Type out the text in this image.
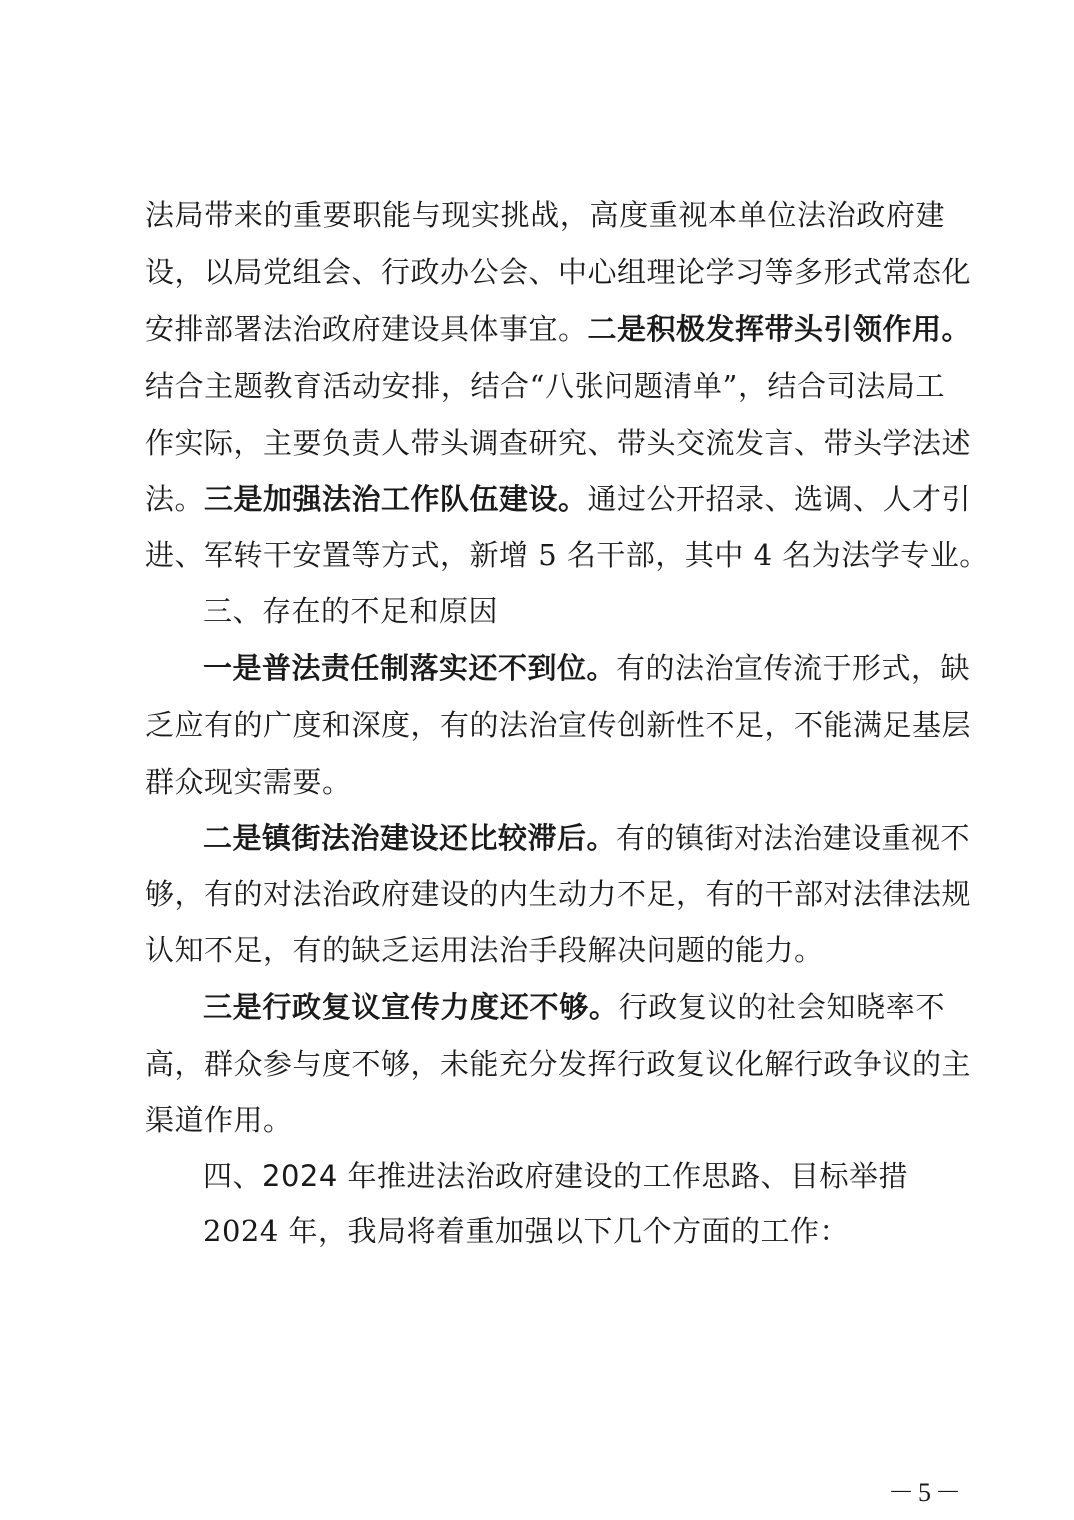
法局带来的重要职能与现实挑战，高度重视本单位法治政府建
设，以局党组会、行政办公会、中心组理论学习等多形式常态化
安排部署法治政府建设具体事宜。二是积极发挥带头引领作用。
结合主题教育活动安排，结合“八张问题清单”，结合司法局工
作实际，主要负责人带头调查研究、带头交流发言、带头学法述
法。三是加强法治工作队伍建设。通过公开招录、选调、人才引
进、军转干安置等方式，新增 5 名干部，其中 4 名为法学专业。
三、存在的不足和原因
一是普法责任制落实还不到位。有的法治宣传流于形式，缺
乏应有的广度和深度，有的法治宣传创新性不足，不能满足基层
群众现实需要。
二是镇街法治建设还比较滞后。有的镇街对法治建设重视不
够，有的对法治政府建设的内生动力不足，有的干部对法律法规
认知不足，有的缺乏运用法治手段解决问题的能力。
三是行政复议宣传力度还不够。行政复议的社会知晓率不
高，群众参与度不够，未能充分发挥行政复议化解行政争议的主
渠道作用。
四、2024 年推进法治政府建设的工作思路、目标举措
2024 年，我局将着重加强以下几个方面的工作：
－5－
